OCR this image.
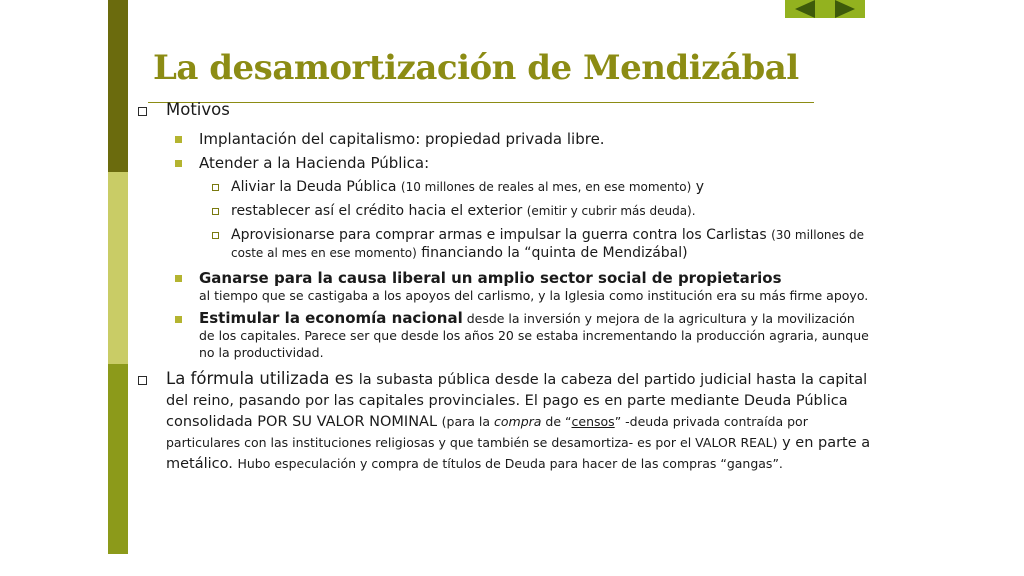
La desamortización de Mendizábal
Motivos
Implantación del capitalismo: propiedad privada libre.
Atender a la Hacienda Pública:
Aliviar la Deuda Pública (10 millones de reales al mes, en ese momento) y
restablecer así el crédito hacia el exterior (emitir y cubrir más deuda).
Aprovisionarse para comprar armas e impulsar la guerra contra los Carlistas (30 millones de coste al mes en ese momento) financiando la “quinta de Mendizábal)
Ganarse para la causa liberal un amplio sector social de propietarios
al tiempo que se castigaba a los apoyos del carlismo, y la Iglesia como institución era su más firme apoyo.
Estimular la economía nacional desde la inversión y mejora de la agricultura y la movilización de los capitales. Parece ser que desde los años 20 se estaba incrementando la producción agraria, aunque no la productividad.
La fórmula utilizada es la subasta pública desde la cabeza del partido judicial hasta la capital del reino, pasando por las capitales provinciales. El pago es en parte mediante Deuda Pública consolidada POR SU VALOR NOMINAL (para la compra de “censos” -deuda privada contraída por particulares con las instituciones religiosas y que también se desamortiza- es por el VALOR REAL) y en parte a metálico. Hubo especulación y compra de títulos de Deuda para hacer de las compras “gangas”.
